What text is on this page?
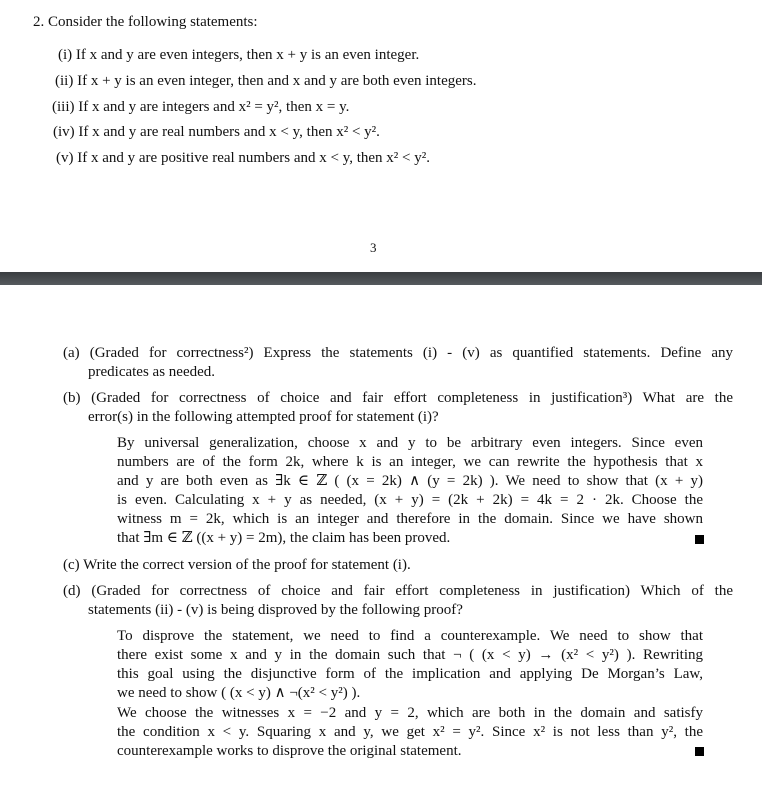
2. Consider the following statements:
(i) If x and y are even integers, then x + y is an even integer.
(ii) If x + y is an even integer, then and x and y are both even integers.
(iii) If x and y are integers and x² = y², then x = y.
(iv) If x and y are real numbers and x < y, then x² < y².
(v) If x and y are positive real numbers and x < y, then x² < y².
3
(a) (Graded for correctness²) Express the statements (i) - (v) as quantified statements. Define any
predicates as needed.
(b) (Graded for correctness of choice and fair effort completeness in justification³) What are the
error(s) in the following attempted proof for statement (i)?
By universal generalization, choose x and y to be arbitrary even integers. Since even
numbers are of the form 2k, where k is an integer, we can rewrite the hypothesis that x
and y are both even as ∃k ∈ ℤ ( (x = 2k) ∧ (y = 2k) ). We need to show that (x + y)
is even. Calculating x + y as needed, (x + y) = (2k + 2k) = 4k = 2 · 2k. Choose the
witness m = 2k, which is an integer and therefore in the domain. Since we have shown
that ∃m ∈ ℤ ((x + y) = 2m), the claim has been proved.
(c) Write the correct version of the proof for statement (i).
(d) (Graded for correctness of choice and fair effort completeness in justification) Which of the
statements (ii) - (v) is being disproved by the following proof?
To disprove the statement, we need to find a counterexample. We need to show that
there exist some x and y in the domain such that ¬ ( (x < y) → (x² < y²) ). Rewriting
this goal using the disjunctive form of the implication and applying De Morgan’s Law,
we need to show ( (x < y) ∧ ¬(x² < y²) ).
We choose the witnesses x = −2 and y = 2, which are both in the domain and satisfy
the condition x < y. Squaring x and y, we get x² = y². Since x² is not less than y², the
counterexample works to disprove the original statement.
